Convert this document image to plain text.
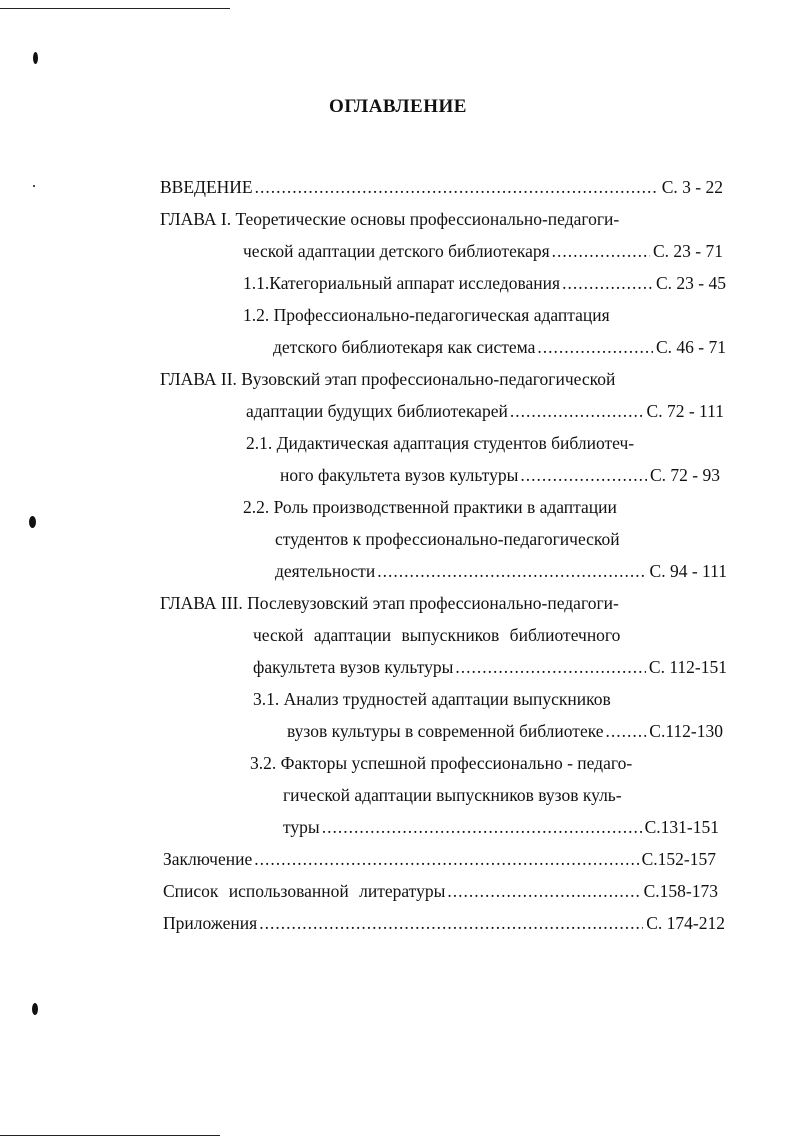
ОГЛАВЛЕНИЕ
ВВЕДЕНИЕ .....	С. 3 - 22
ГЛАВА I. Теоретические основы профессионально-педагоги-
ческой адаптации детского библиотекаря .....	С. 23 - 71
1.1.Категориальный аппарат исследования .....	С. 23 - 45
1.2. Профессионально-педагогическая адаптация
детского библиотекаря как система .....	С. 46 - 71
ГЛАВА II. Вузовский этап профессионально-педагогической
адаптации будущих библиотекарей .....	С. 72 - 111
2.1. Дидактическая адаптация студентов библиотеч-
ного факультета вузов культуры .....	С. 72 - 93
2.2. Роль производственной практики в адаптации
студентов к профессионально-педагогической
деятельности .....	С. 94 - 111
ГЛАВА III. Послевузовский этап профессионально-педагоги-
ческой адаптации выпускников библиотечного
факультета вузов культуры .....	С. 112-151
3.1. Анализ трудностей адаптации выпускников
вузов культуры в современной библиотеке .....	С.112-130
3.2. Факторы успешной профессионально - педаго-
гической адаптации выпускников вузов куль-
туры .....	С.131-151
Заключение .....	С.152-157
Список использованной литературы .....	С.158-173
Приложения .....	С. 174-212
